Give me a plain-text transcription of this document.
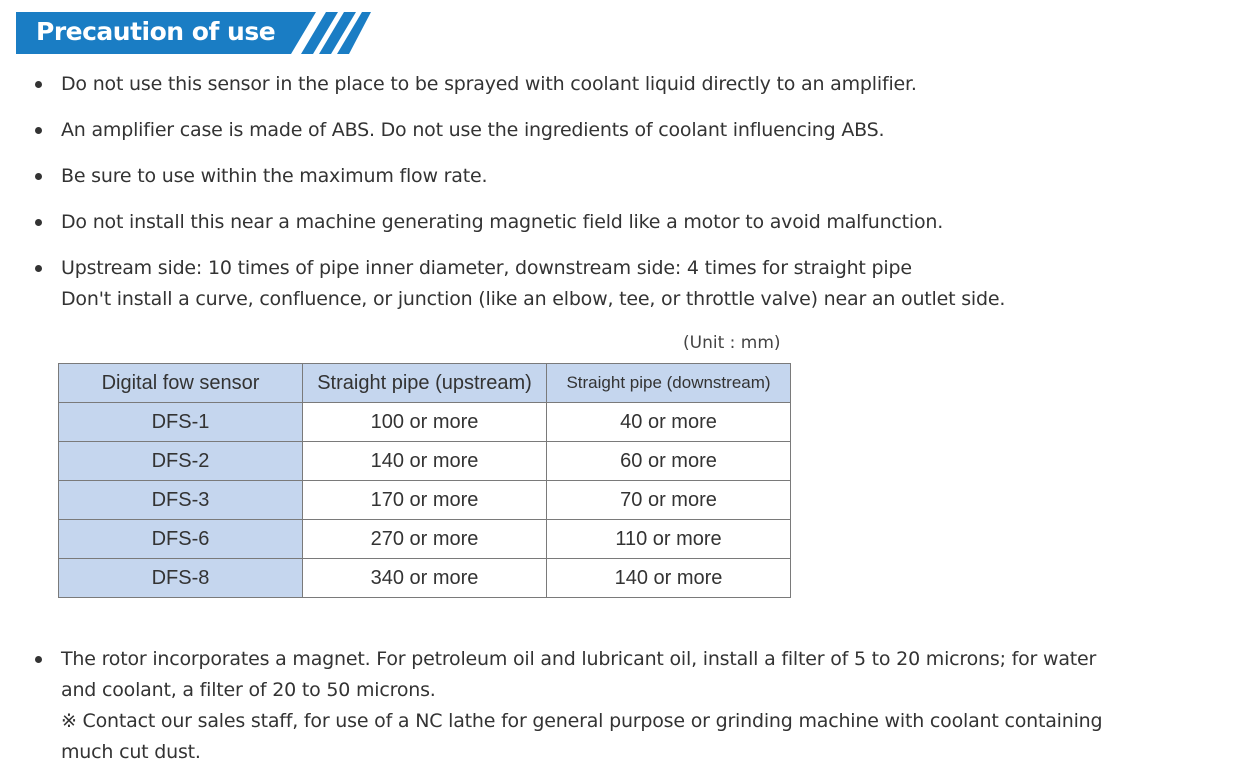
Precaution of use
Do not use this sensor in the place to be sprayed with coolant liquid directly to an amplifier.
An amplifier case is made of ABS. Do not use the ingredients of coolant influencing ABS.
Be sure to use within the maximum flow rate.
Do not install this near a machine generating magnetic field like a motor to avoid malfunction.
Upstream side: 10 times of pipe inner diameter, downstream side: 4 times for straight pipe
Don't install a curve, confluence, or junction (like an elbow, tee, or throttle valve) near an outlet side.
(Unit : mm)
Digital fow sensor	Straight pipe (upstream)	Straight pipe (downstream)
DFS-1	100 or more	40 or more
DFS-2	140 or more	60 or more
DFS-3	170 or more	70 or more
DFS-6	270 or more	110 or more
DFS-8	340 or more	140 or more
The rotor incorporates a magnet. For petroleum oil and lubricant oil, install a filter of 5 to 20 microns; for water
and coolant, a filter of 20 to 50 microns.
※ Contact our sales staff, for use of a NC lathe for general purpose or grinding machine with coolant containing
much cut dust.
